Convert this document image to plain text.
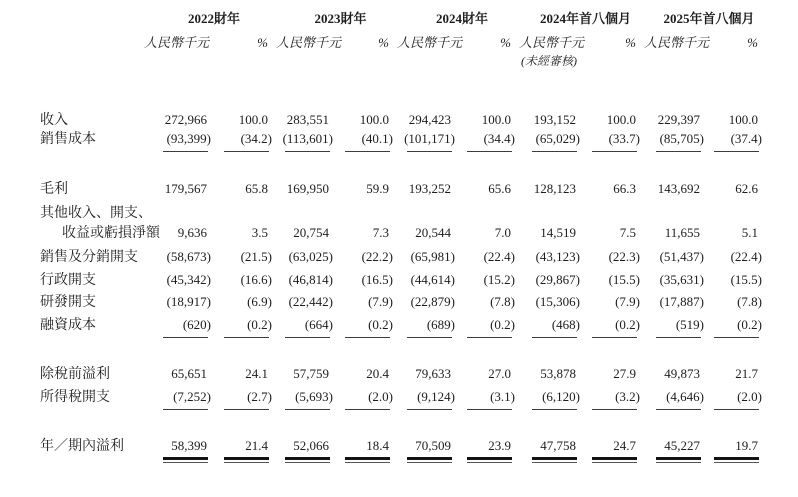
2022財年	2023財年	2024財年	2024年首八個月	2025年首八個月
人民幣千元	% 人民幣千元	% 人民幣千元	% 人民幣千元	% 人民幣千元	%
(未經審核)
收入	272,966	100.0	283,551	100.0	294,423	100.0	193,152	100.0	229,397	100.0
銷售成本	(93,399)	(34.2) (113,601)	(40.1) (101,171)	(34.4)	(65,029)	(33.7)	(85,705)	(37.4)
毛利	179,567	65.8	169,950	59.9	193,252	65.6	128,123	66.3	143,692	62.6
其他收入、開支、
收益或虧損淨額	9,636	3.5	20,754	7.3	20,544	7.0	14,519	7.5	11,655	5.1
銷售及分銷開支	(58,673)	(21.5)	(63,025)	(22.2)	(65,981)	(22.4)	(43,123)	(22.3)	(51,437)	(22.4)
行政開支	(45,342)	(16.6)	(46,814)	(16.5)	(44,614)	(15.2)	(29,867)	(15.5)	(35,631)	(15.5)
研發開支	(18,917)	(6.9)	(22,442)	(7.9)	(22,879)	(7.8)	(15,306)	(7.9)	(17,887)	(7.8)
融資成本	(620)	(0.2)	(664)	(0.2)	(689)	(0.2)	(468)	(0.2)	(519)	(0.2)
除稅前溢利	65,651	24.1	57,759	20.4	79,633	27.0	53,878	27.9	49,873	21.7
所得稅開支	(7,252)	(2.7)	(5,693)	(2.0)	(9,124)	(3.1)	(6,120)	(3.2)	(4,646)	(2.0)
年／期內溢利	58,399	21.4	52,066	18.4	70,509	23.9	47,758	24.7	45,227	19.7
